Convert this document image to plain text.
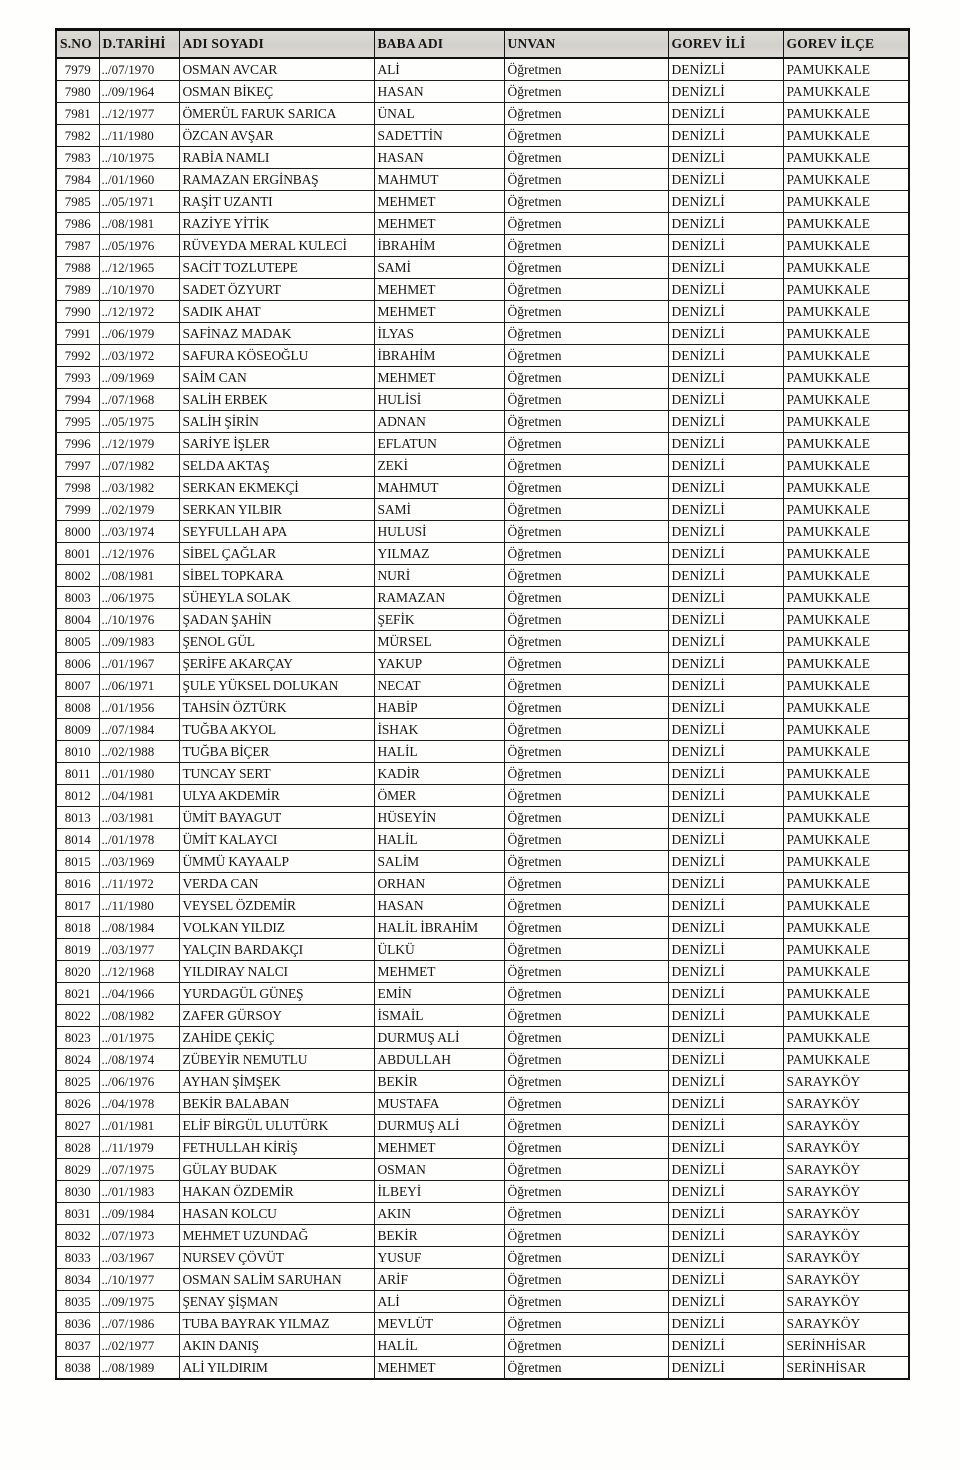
S.NO	D.TARİHİ	ADI SOYADI	BABA ADI	UNVAN	GOREV İLİ	GOREV İLÇE
7979	../07/1970	OSMAN AVCAR	ALİ	Öğretmen	DENİZLİ	PAMUKKALE
7980	../09/1964	OSMAN BİKEÇ	HASAN	Öğretmen	DENİZLİ	PAMUKKALE
7981	../12/1977	ÖMERÜL FARUK SARICA	ÜNAL	Öğretmen	DENİZLİ	PAMUKKALE
7982	../11/1980	ÖZCAN AVŞAR	SADETTİN	Öğretmen	DENİZLİ	PAMUKKALE
7983	../10/1975	RABİA NAMLI	HASAN	Öğretmen	DENİZLİ	PAMUKKALE
7984	../01/1960	RAMAZAN ERGİNBAŞ	MAHMUT	Öğretmen	DENİZLİ	PAMUKKALE
7985	../05/1971	RAŞİT UZANTI	MEHMET	Öğretmen	DENİZLİ	PAMUKKALE
7986	../08/1981	RAZİYE YİTİK	MEHMET	Öğretmen	DENİZLİ	PAMUKKALE
7987	../05/1976	RÜVEYDA MERAL KULECİ	İBRAHİM	Öğretmen	DENİZLİ	PAMUKKALE
7988	../12/1965	SACİT TOZLUTEPE	SAMİ	Öğretmen	DENİZLİ	PAMUKKALE
7989	../10/1970	SADET ÖZYURT	MEHMET	Öğretmen	DENİZLİ	PAMUKKALE
7990	../12/1972	SADIK AHAT	MEHMET	Öğretmen	DENİZLİ	PAMUKKALE
7991	../06/1979	SAFİNAZ MADAK	İLYAS	Öğretmen	DENİZLİ	PAMUKKALE
7992	../03/1972	SAFURA KÖSEOĞLU	İBRAHİM	Öğretmen	DENİZLİ	PAMUKKALE
7993	../09/1969	SAİM CAN	MEHMET	Öğretmen	DENİZLİ	PAMUKKALE
7994	../07/1968	SALİH ERBEK	HULİSİ	Öğretmen	DENİZLİ	PAMUKKALE
7995	../05/1975	SALİH ŞİRİN	ADNAN	Öğretmen	DENİZLİ	PAMUKKALE
7996	../12/1979	SARİYE İŞLER	EFLATUN	Öğretmen	DENİZLİ	PAMUKKALE
7997	../07/1982	SELDA AKTAŞ	ZEKİ	Öğretmen	DENİZLİ	PAMUKKALE
7998	../03/1982	SERKAN EKMEKÇİ	MAHMUT	Öğretmen	DENİZLİ	PAMUKKALE
7999	../02/1979	SERKAN YILBIR	SAMİ	Öğretmen	DENİZLİ	PAMUKKALE
8000	../03/1974	SEYFULLAH APA	HULUSİ	Öğretmen	DENİZLİ	PAMUKKALE
8001	../12/1976	SİBEL ÇAĞLAR	YILMAZ	Öğretmen	DENİZLİ	PAMUKKALE
8002	../08/1981	SİBEL TOPKARA	NURİ	Öğretmen	DENİZLİ	PAMUKKALE
8003	../06/1975	SÜHEYLA SOLAK	RAMAZAN	Öğretmen	DENİZLİ	PAMUKKALE
8004	../10/1976	ŞADAN ŞAHİN	ŞEFİK	Öğretmen	DENİZLİ	PAMUKKALE
8005	../09/1983	ŞENOL GÜL	MÜRSEL	Öğretmen	DENİZLİ	PAMUKKALE
8006	../01/1967	ŞERİFE AKARÇAY	YAKUP	Öğretmen	DENİZLİ	PAMUKKALE
8007	../06/1971	ŞULE YÜKSEL DOLUKAN	NECAT	Öğretmen	DENİZLİ	PAMUKKALE
8008	../01/1956	TAHSİN ÖZTÜRK	HABİP	Öğretmen	DENİZLİ	PAMUKKALE
8009	../07/1984	TUĞBA AKYOL	İSHAK	Öğretmen	DENİZLİ	PAMUKKALE
8010	../02/1988	TUĞBA BİÇER	HALİL	Öğretmen	DENİZLİ	PAMUKKALE
8011	../01/1980	TUNCAY SERT	KADİR	Öğretmen	DENİZLİ	PAMUKKALE
8012	../04/1981	ULYA AKDEMİR	ÖMER	Öğretmen	DENİZLİ	PAMUKKALE
8013	../03/1981	ÜMİT BAYAGUT	HÜSEYİN	Öğretmen	DENİZLİ	PAMUKKALE
8014	../01/1978	ÜMİT KALAYCI	HALİL	Öğretmen	DENİZLİ	PAMUKKALE
8015	../03/1969	ÜMMÜ KAYAALP	SALİM	Öğretmen	DENİZLİ	PAMUKKALE
8016	../11/1972	VERDA CAN	ORHAN	Öğretmen	DENİZLİ	PAMUKKALE
8017	../11/1980	VEYSEL ÖZDEMİR	HASAN	Öğretmen	DENİZLİ	PAMUKKALE
8018	../08/1984	VOLKAN YILDIZ	HALİL İBRAHİM	Öğretmen	DENİZLİ	PAMUKKALE
8019	../03/1977	YALÇIN BARDAKÇI	ÜLKÜ	Öğretmen	DENİZLİ	PAMUKKALE
8020	../12/1968	YILDIRAY NALCI	MEHMET	Öğretmen	DENİZLİ	PAMUKKALE
8021	../04/1966	YURDAGÜL GÜNEŞ	EMİN	Öğretmen	DENİZLİ	PAMUKKALE
8022	../08/1982	ZAFER GÜRSOY	İSMAİL	Öğretmen	DENİZLİ	PAMUKKALE
8023	../01/1975	ZAHİDE ÇEKİÇ	DURMUŞ ALİ	Öğretmen	DENİZLİ	PAMUKKALE
8024	../08/1974	ZÜBEYİR NEMUTLU	ABDULLAH	Öğretmen	DENİZLİ	PAMUKKALE
8025	../06/1976	AYHAN ŞİMŞEK	BEKİR	Öğretmen	DENİZLİ	SARAYKÖY
8026	../04/1978	BEKİR BALABAN	MUSTAFA	Öğretmen	DENİZLİ	SARAYKÖY
8027	../01/1981	ELİF BİRGÜL ULUTÜRK	DURMUŞ ALİ	Öğretmen	DENİZLİ	SARAYKÖY
8028	../11/1979	FETHULLAH KİRİŞ	MEHMET	Öğretmen	DENİZLİ	SARAYKÖY
8029	../07/1975	GÜLAY BUDAK	OSMAN	Öğretmen	DENİZLİ	SARAYKÖY
8030	../01/1983	HAKAN ÖZDEMİR	İLBEYİ	Öğretmen	DENİZLİ	SARAYKÖY
8031	../09/1984	HASAN KOLCU	AKIN	Öğretmen	DENİZLİ	SARAYKÖY
8032	../07/1973	MEHMET UZUNDAĞ	BEKİR	Öğretmen	DENİZLİ	SARAYKÖY
8033	../03/1967	NURSEV ÇÖVÜT	YUSUF	Öğretmen	DENİZLİ	SARAYKÖY
8034	../10/1977	OSMAN SALİM SARUHAN	ARİF	Öğretmen	DENİZLİ	SARAYKÖY
8035	../09/1975	ŞENAY ŞİŞMAN	ALİ	Öğretmen	DENİZLİ	SARAYKÖY
8036	../07/1986	TUBA BAYRAK YILMAZ	MEVLÜT	Öğretmen	DENİZLİ	SARAYKÖY
8037	../02/1977	AKIN DANIŞ	HALİL	Öğretmen	DENİZLİ	SERİNHİSAR
8038	../08/1989	ALİ YILDIRIM	MEHMET	Öğretmen	DENİZLİ	SERİNHİSAR
